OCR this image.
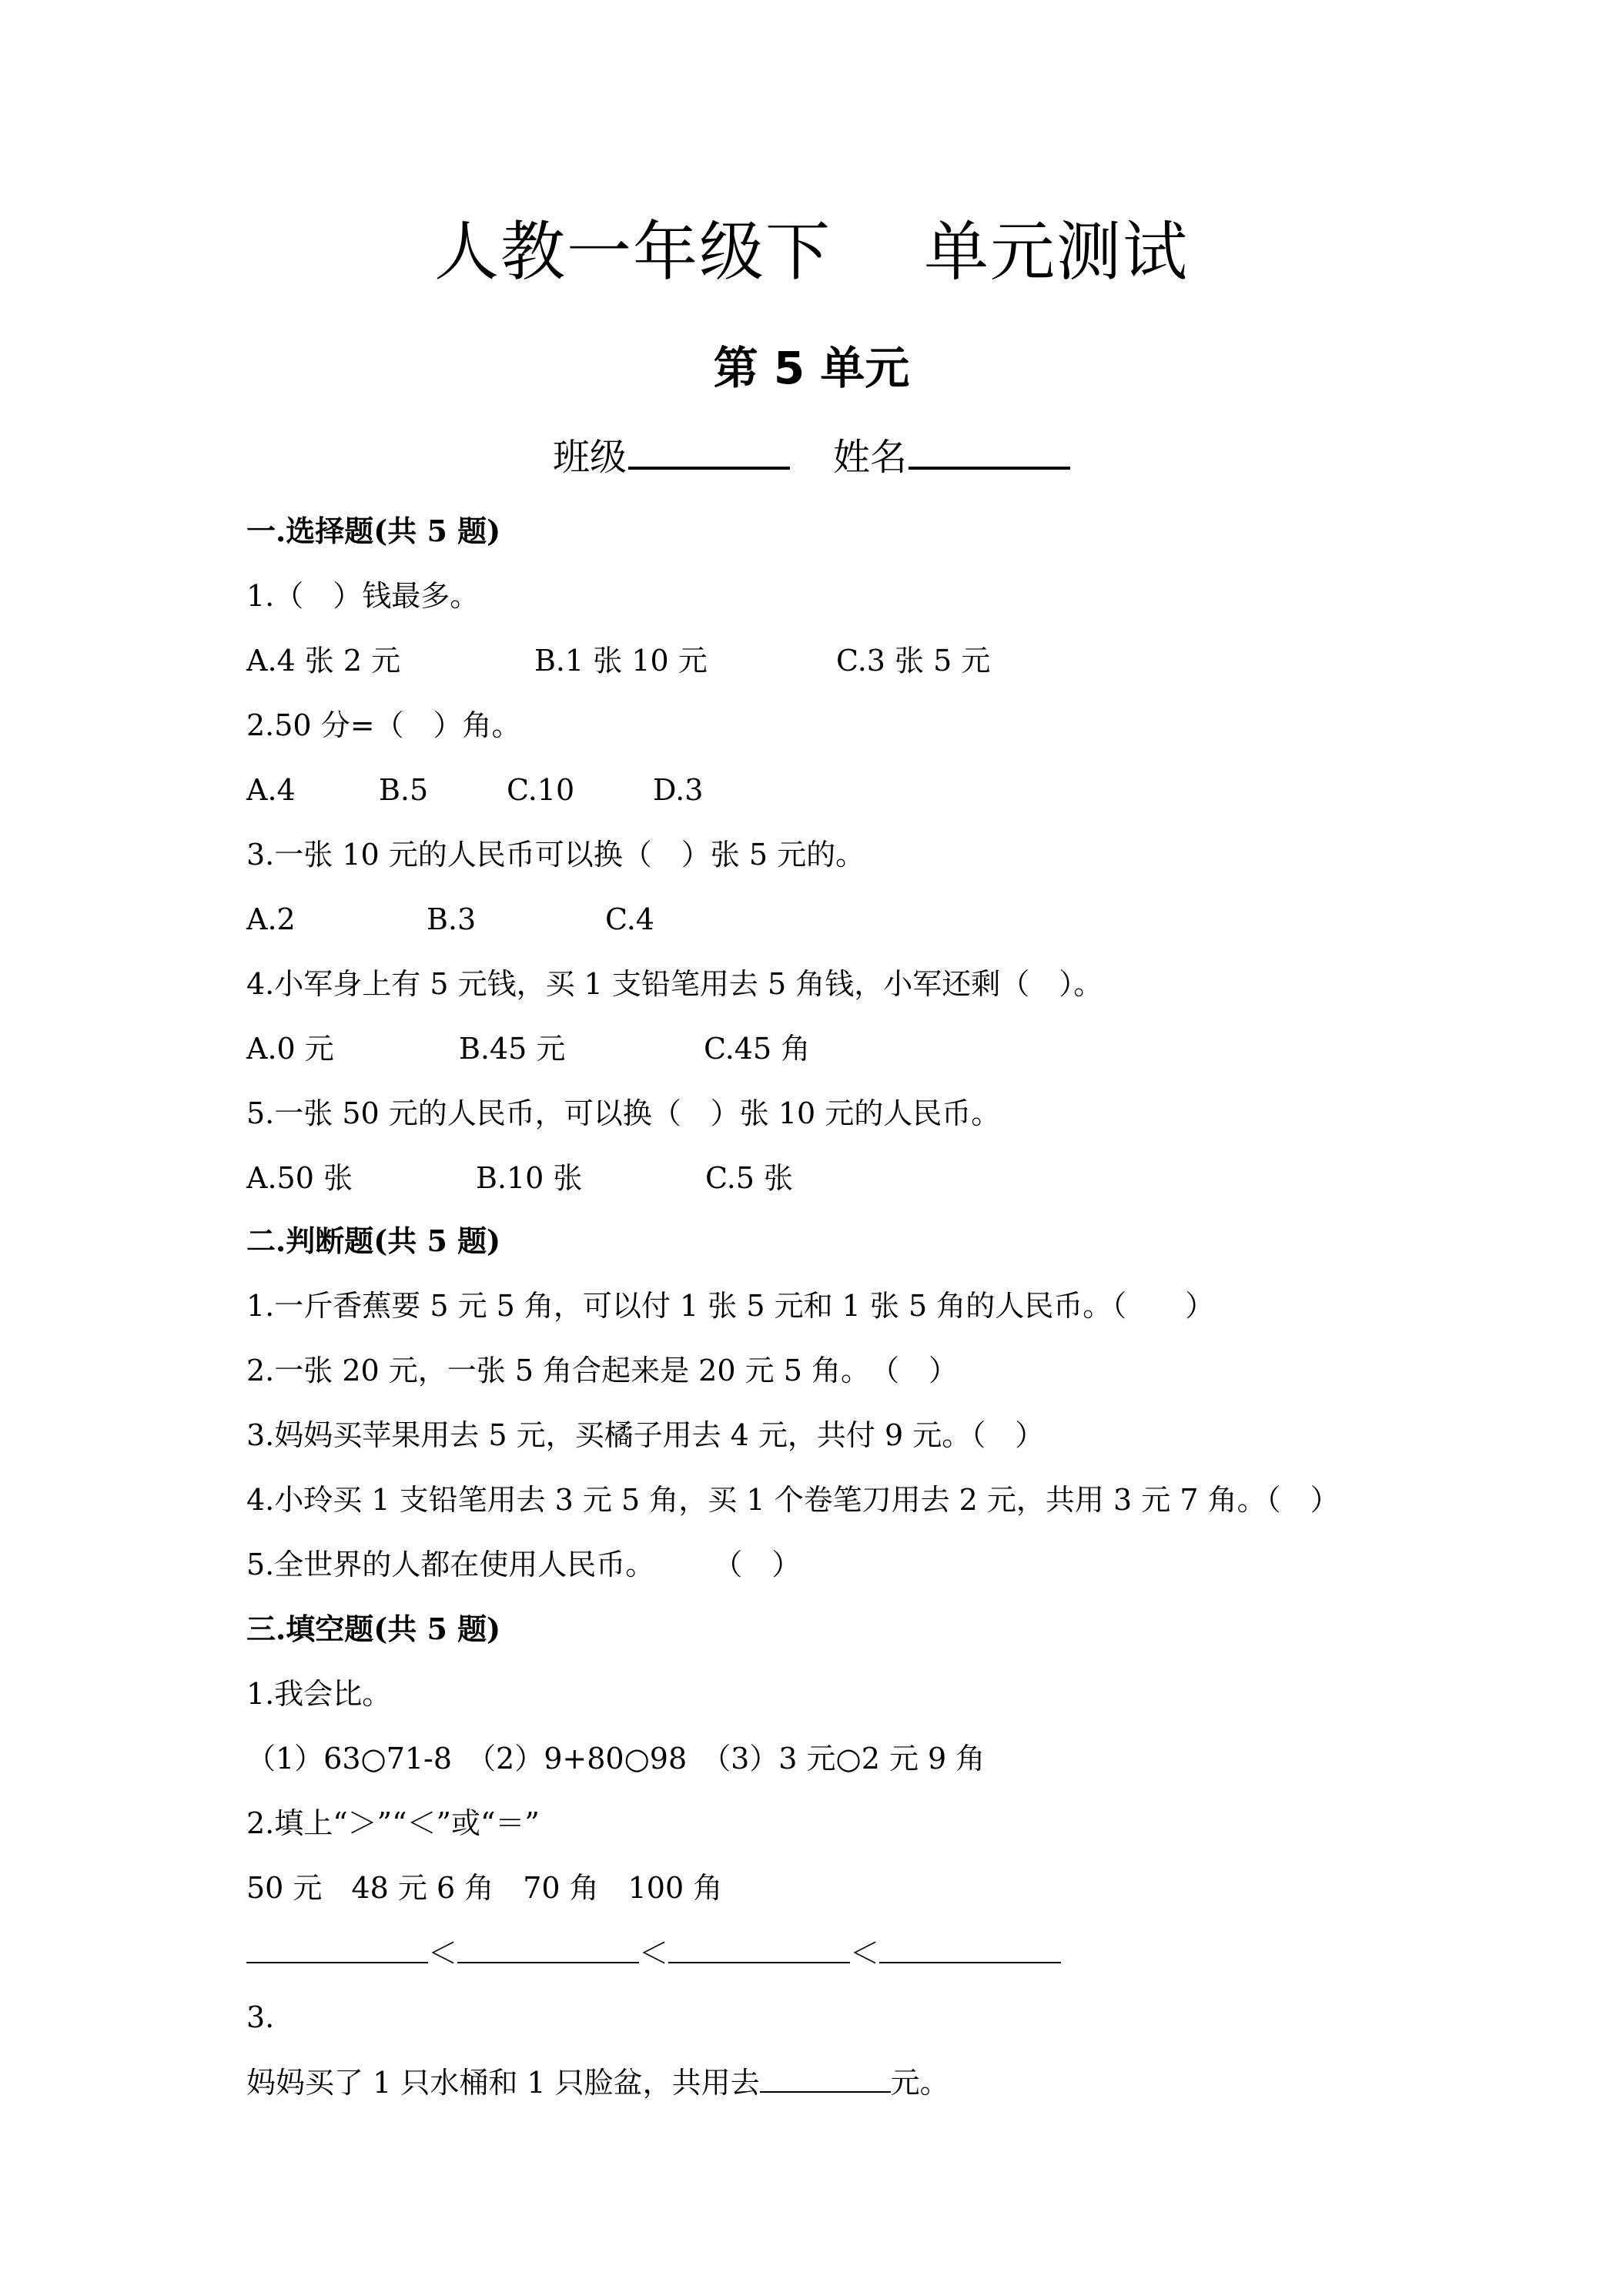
人教一年级下 单元测试
第 5 单元
班级	姓名
一.选择题(共 5 题)
1.（　）钱最多。
A.4 张 2 元	B.1 张 10 元	C.3 张 5 元
2.50 分=（　）角。
A.4	B.5	C.10	D.3
3.一张 10 元的人民币可以换（　）张 5 元的。
A.2	B.3	C.4
4.小军身上有 5 元钱，买 1 支铅笔用去 5 角钱，小军还剩（　）。
A.0 元	B.45 元	C.45 角
5.一张 50 元的人民币，可以换（　）张 10 元的人民币。
A.50 张	B.10 张	C.5 张
二.判断题(共 5 题)
1.一斤香蕉要 5 元 5 角，可以付 1 张 5 元和 1 张 5 角的人民币。（　　）
2.一张 20 元，一张 5 角合起来是 20 元 5 角。　（　）
3.妈妈买苹果用去 5 元，买橘子用去 4 元，共付 9 元。（　）
4.小玲买 1 支铅笔用去 3 元 5 角，买 1 个卷笔刀用去 2 元，共用 3 元 7 角。（　）
5.全世界的人都在使用人民币。　　　（　）
三.填空题(共 5 题)
1.我会比。
（1）63○71-8　（2）9+80○98　（3）3 元○2 元 9 角
2.填上“＞”“＜”或“＝”
50 元　48 元 6 角　70 角　100 角
＜	＜	＜
3.
妈妈买了 1 只水桶和 1 只脸盆，共用去	元。
